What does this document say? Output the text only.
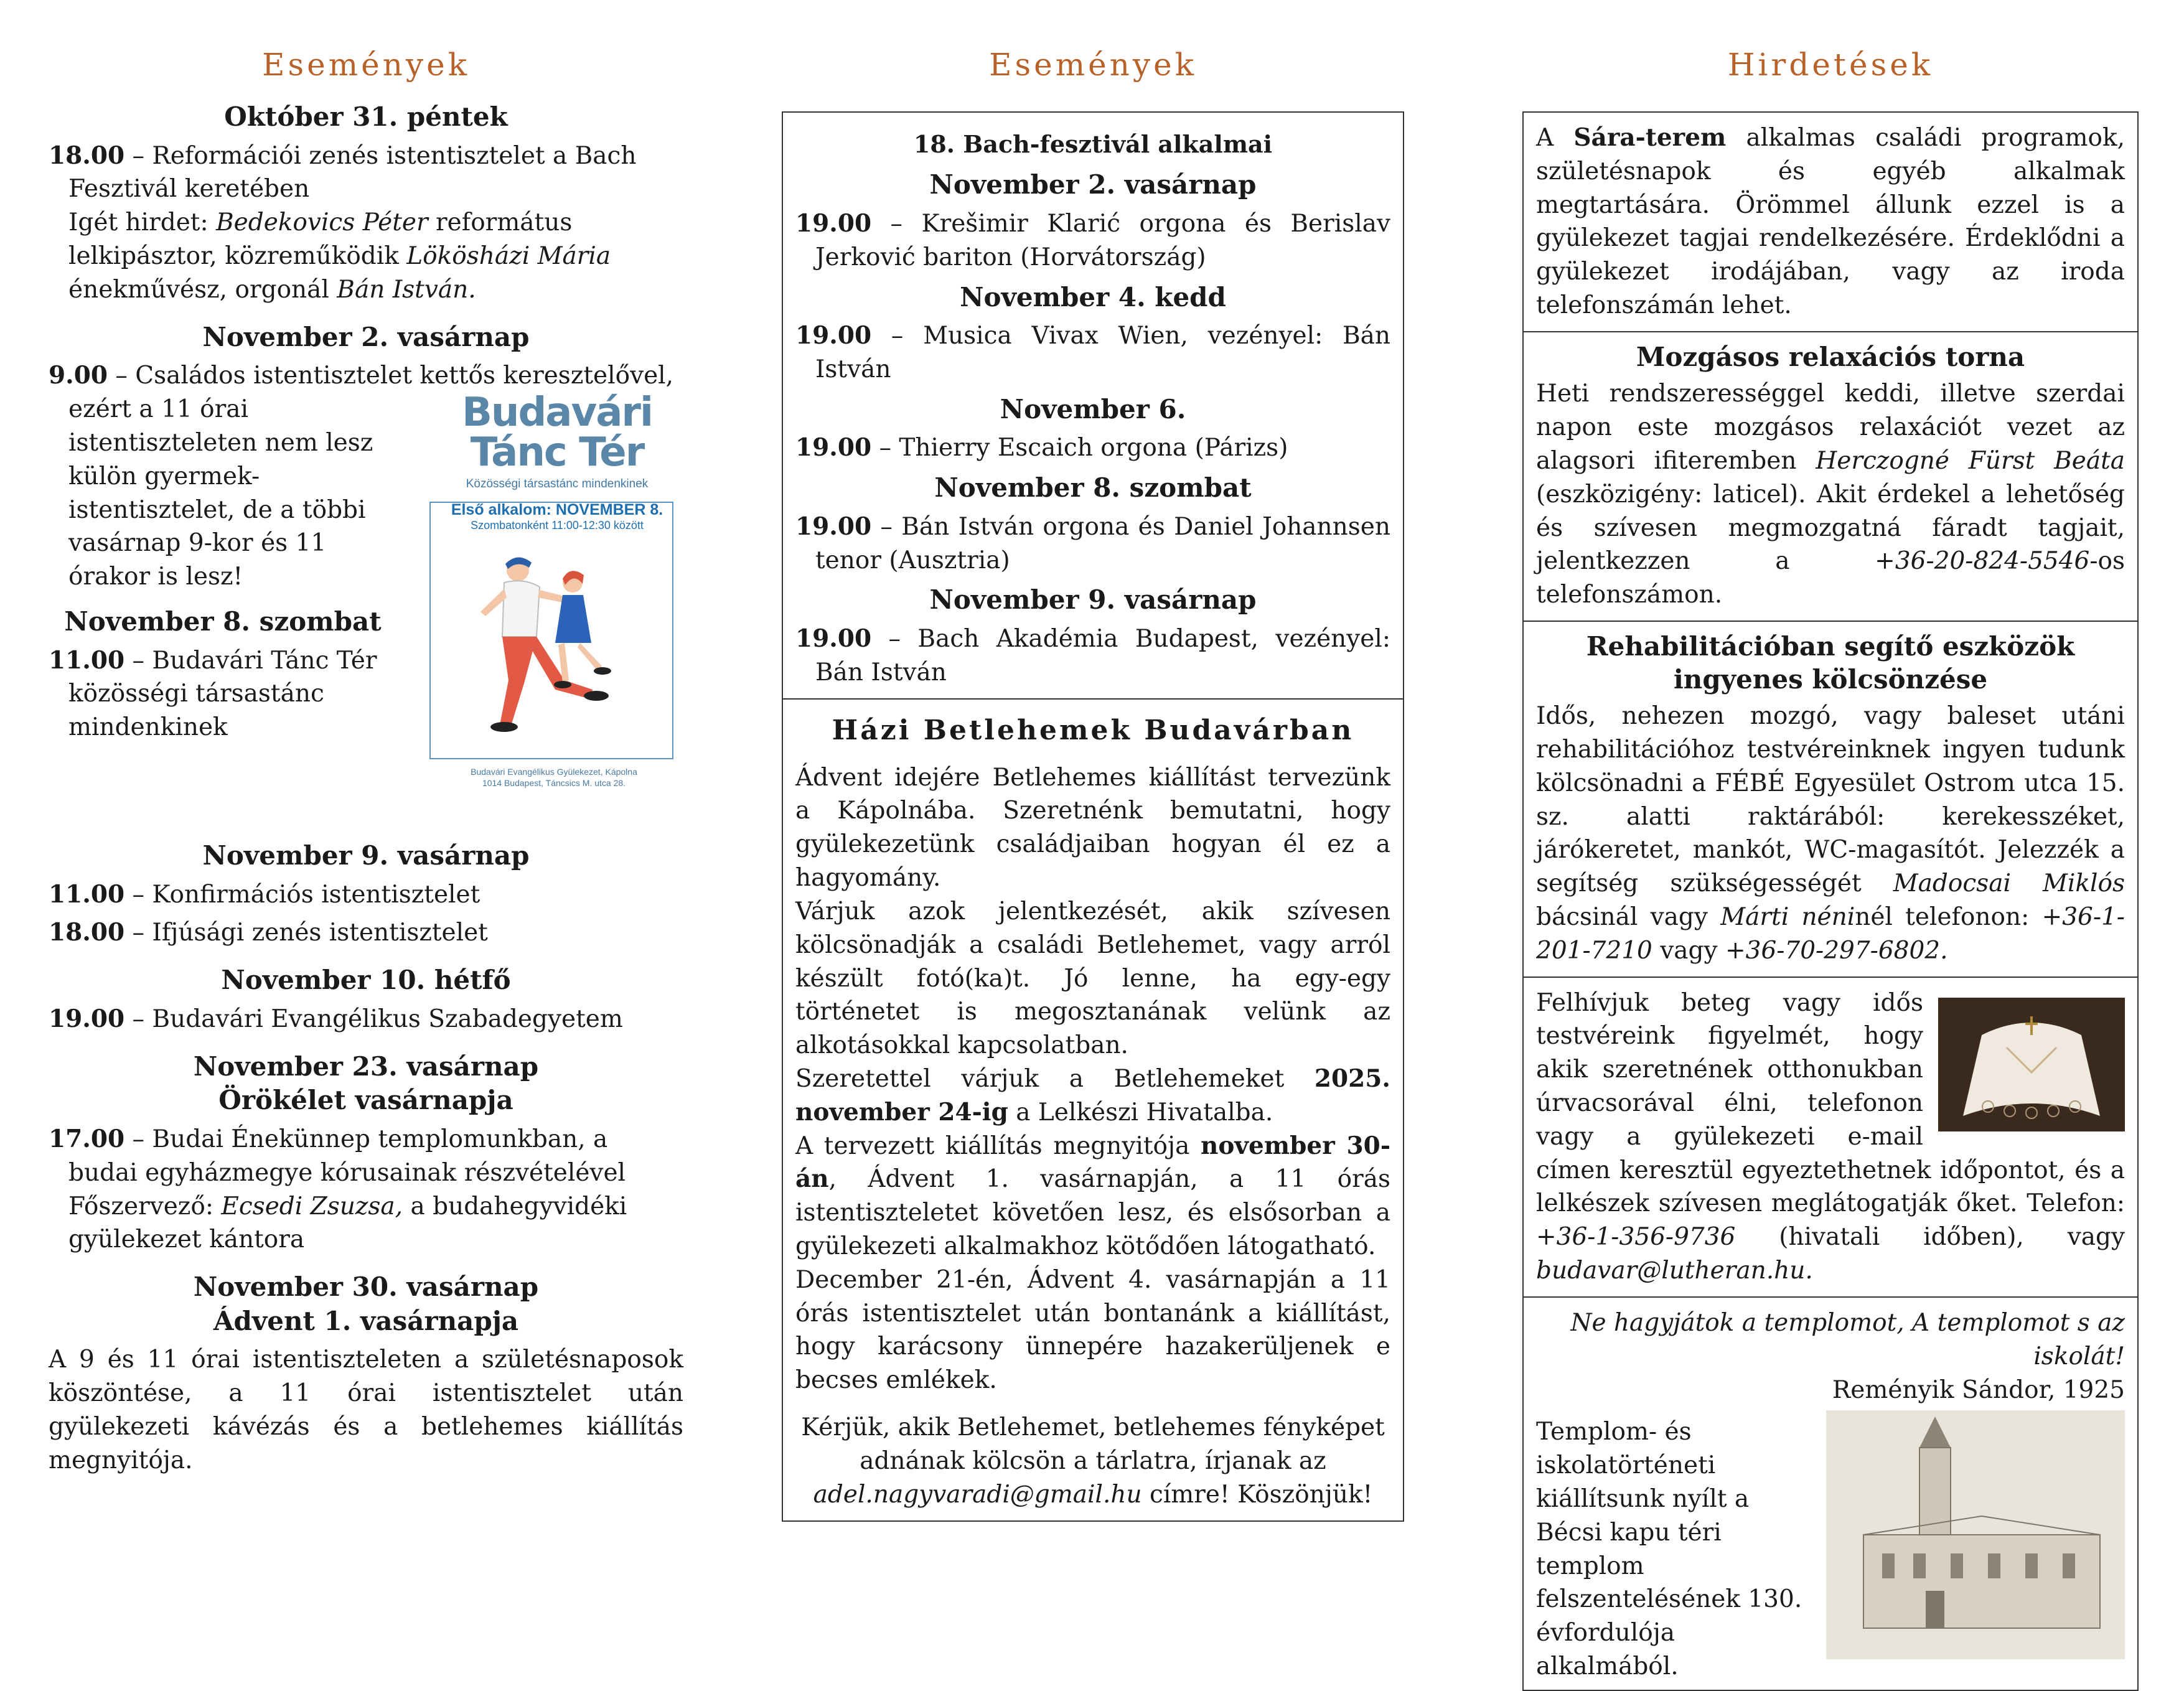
Események
Október 31. péntek

18.00 – Reformációi zenés istentisztelet a Bach Fesztivál keretében
Igét hirdet: Bedekovics Péter református lelkipásztor, közreműködik Lökösházi Mária énekművész, orgonál Bán István.

November 2. vasárnap

9.00 – Családos istentisztelet kettős keresztelővel,

ezért a 11 órai istentiszteleten nem lesz külön gyermek-istentisztelet, de a többi vasárnap 9-kor és 11 órakor is lesz!

November 8. szombat

11.00 – Budavári Tánc Tér közösségi társastánc mindenkinek

Budavári Tánc Tér
Közösségi társastánc mindenkinek
Első alkalom: NOVEMBER 8.
Szombatonként 11:00-12:30 között
Budavári Evangélikus Gyülekezet, Kápolna
1014 Budapest, Táncsics M. utca 28.
November 9. vasárnap

11.00 – Konfirmációs istentisztelet

18.00 – Ifjúsági zenés istentisztelet

November 10. hétfő

19.00 – Budavári Evangélikus Szabadegyetem

November 23. vasárnap
Örökélet vasárnapja

17.00 – Budai Énekünnep templomunkban, a budai egyházmegye kórusainak részvételével
Főszervező: Ecsedi Zsuzsa, a budahegyvidéki gyülekezet kántora

November 30. vasárnap
Ádvent 1. vasárnapja

A 9 és 11 órai istentiszteleten a születésnaposok köszöntése, a 11 órai istentisztelet után gyülekezeti kávézás és a betlehemes kiállítás megnyitója.

Események
18. Bach-fesztivál alkalmai
November 2. vasárnap

19.00 – Krešimir Klarić orgona és Berislav Jerković bariton (Horvátország)

November 4. kedd

19.00 – Musica Vivax Wien, vezényel: Bán István

November 6.

19.00 – Thierry Escaich orgona (Párizs)

November 8. szombat

19.00 – Bán István orgona és Daniel Johannsen tenor (Ausztria)

November 9. vasárnap

19.00 – Bach Akadémia Budapest, vezényel: Bán István

Házi Betlehemek Budavárban

Ádvent idejére Betlehemes kiállítást tervezünk a Kápolnába. Szeretnénk bemutatni, hogy gyülekezetünk családjaiban hogyan él ez a hagyomány.

Várjuk azok jelentkezését, akik szívesen kölcsönadják a családi Betlehemet, vagy arról készült fotó(ka)t. Jó lenne, ha egy-egy történetet is megosztanának velünk az alkotásokkal kapcsolatban.

Szeretettel várjuk a Betlehemeket 2025. november 24-ig a Lelkészi Hivatalba.

A tervezett kiállítás megnyitója november 30-án, Ádvent 1. vasárnapján, a 11 órás istentiszteletet követően lesz, és elsősorban a gyülekezeti alkalmakhoz kötődően látogatható.

December 21-én, Ádvent 4. vasárnapján a 11 órás istentisztelet után bontanánk a kiállítást, hogy karácsony ünnepére hazakerüljenek e becses emlékek.

Kérjük, akik Betlehemet, betlehemes fényképet adnának kölcsön a tárlatra, írjanak az adel.nagyvaradi@gmail.hu címre! Köszönjük!

Hirdetések

A Sára-terem alkalmas családi programok, születésnapok és egyéb alkalmak megtartására. Örömmel állunk ezzel is a gyülekezet tagjai rendelkezésére. Érdeklődni a gyülekezet irodájában, vagy az iroda telefonszámán lehet.

Mozgásos relaxációs torna

Heti rendszerességgel keddi, illetve szerdai napon este mozgásos relaxációt vezet az alagsori ifiteremben Herczogné Fürst Beáta (eszközigény: laticel). Akit érdekel a lehetőség és szívesen megmozgatná fáradt tagjait, jelentkezzen a +36-20-824-5546-os telefonszámon.

Rehabilitációban segítő eszközök
ingyenes kölcsönzése

Idős, nehezen mozgó, vagy baleset utáni rehabilitációhoz testvéreinknek ingyen tudunk kölcsönadni a FÉBÉ Egyesület Ostrom utca 15. sz. alatti raktárából: kerekesszéket, járókeretet, mankót, WC-magasítót. Jelezzék a segítség szükségességét Madocsai Miklós bácsinál vagy Márti néninél telefonon: +36-1-201-7210 vagy +36-70-297-6802.

Felhívjuk beteg vagy idős testvéreink figyelmét, hogy akik szeretnének otthonukban úrvacsorával élni, telefonon vagy a gyülekezeti e-mail címen keresztül egyeztethetnek időpontot, és a lelkészek szívesen meglátogatják őket. Telefon: +36-1-356-9736 (hivatali időben), vagy budavar@lutheran.hu.

Ne hagyjátok a templomot, A templomot s az iskolát!

Reményik Sándor, 1925

Templom- és iskolatörténeti kiállítsunk nyílt a Bécsi kapu téri templom felszentelésének 130. évfordulója alkalmából.
